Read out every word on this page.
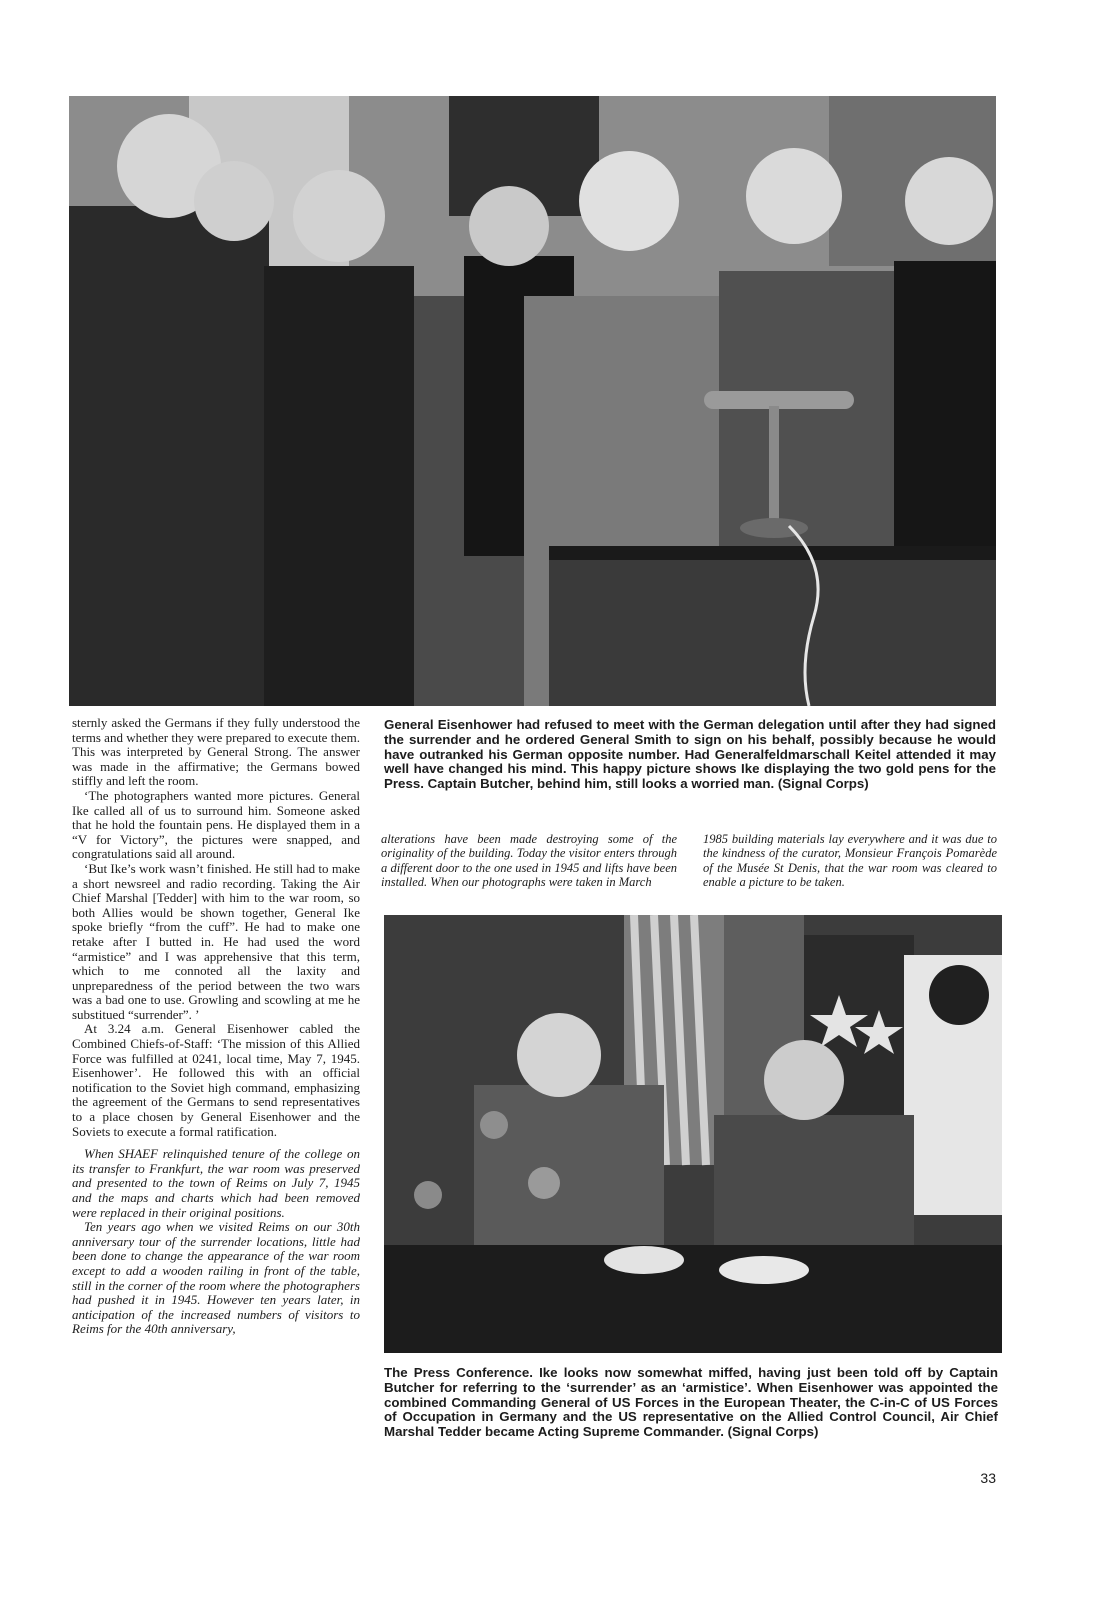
sternly asked the Germans if they fully understood the terms and whether they were prepared to execute them. This was interpreted by General Strong. The answer was made in the affirmative; the Germans bowed stiffly and left the room.

‘The photographers wanted more pictures. General Ike called all of us to surround him. Someone asked that he hold the fountain pens. He displayed them in a “V for Victory”, the pictures were snapped, and congratulations said all around.

‘But Ike’s work wasn’t finished. He still had to make a short newsreel and radio recording. Taking the Air Chief Marshal [Tedder] with him to the war room, so both Allies would be shown together, General Ike spoke briefly “from the cuff”. He had to make one retake after I butted in. He had used the word “armistice” and I was apprehensive that this term, which to me connoted all the laxity and unpreparedness of the period between the two wars was a bad one to use. Growling and scowling at me he substitued “surrender”. ’

At 3.24 a.m. General Eisenhower cabled the Combined Chiefs-of-Staff: ‘The mission of this Allied Force was fulfilled at 0241, local time, May 7, 1945. Eisenhower’. He followed this with an official notification to the Soviet high command, emphasizing the agreement of the Germans to send representatives to a place chosen by General Eisenhower and the Soviets to execute a formal ratification.

When SHAEF relinquished tenure of the college on its transfer to Frankfurt, the war room was preserved and presented to the town of Reims on July 7, 1945 and the maps and charts which had been removed were replaced in their original positions.

Ten years ago when we visited Reims on our 30th anniversary tour of the surrender locations, little had been done to change the appearance of the war room except to add a wooden railing in front of the table, still in the corner of the room where the photographers had pushed it in 1945. However ten years later, in anticipation of the increased numbers of visitors to Reims for the 40th anniversary,

General Eisenhower had refused to meet with the German delegation until after they had signed the surrender and he ordered General Smith to sign on his behalf, possibly because he would have outranked his German opposite number. Had Generalfeldmarschall Keitel attended it may well have changed his mind. This happy picture shows Ike displaying the two gold pens for the Press. Captain Butcher, behind him, still looks a worried man. (Signal Corps)
alterations have been made destroying some of the originality of the building. Today the visitor enters through a different door to the one used in 1945 and lifts have been installed. When our photographs were taken in March
1985 building materials lay everywhere and it was due to the kindness of the curator, Monsieur François Pomarède of the Musée St Denis, that the war room was cleared to enable a picture to be taken.
The Press Conference. Ike looks now somewhat miffed, having just been told off by Captain Butcher for referring to the ‘surrender’ as an ‘armistice’. When Eisenhower was appointed the combined Commanding General of US Forces in the European Theater, the C-in-C of US Forces of Occupation in Germany and the US representative on the Allied Control Council, Air Chief Marshal Tedder became Acting Supreme Commander. (Signal Corps)
33
